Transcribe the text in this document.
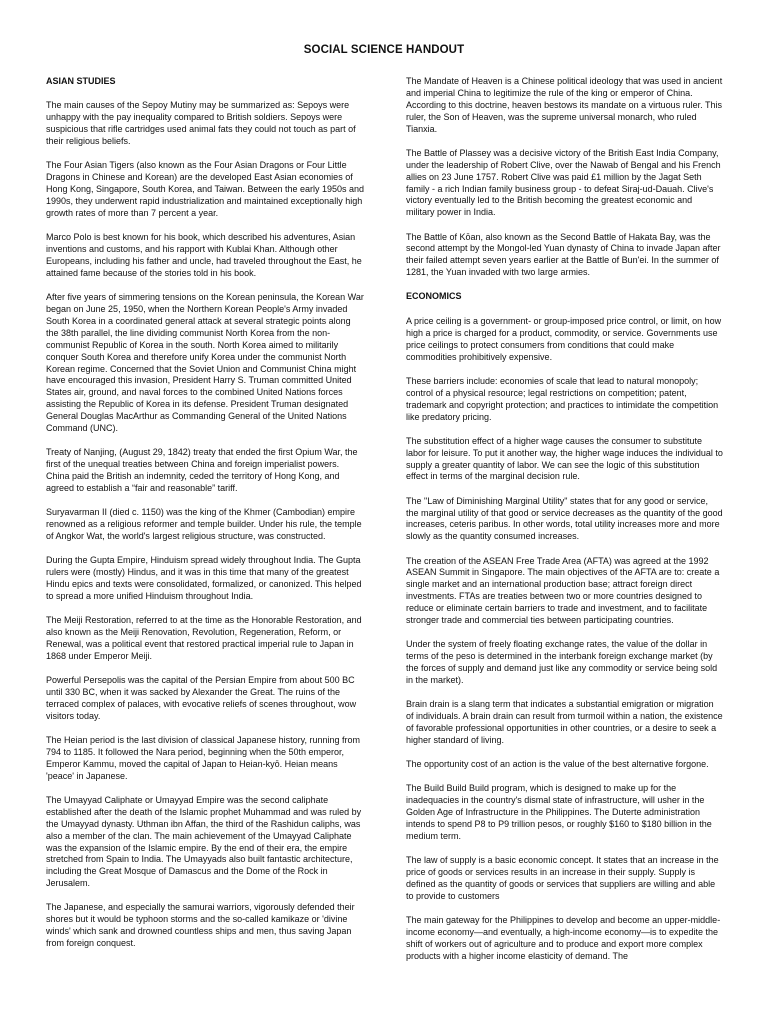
SOCIAL SCIENCE HANDOUT
ASIAN STUDIES

The main causes of the Sepoy Mutiny may be summarized as: Sepoys were unhappy with the pay inequality compared to British soldiers. Sepoys were suspicious that rifle cartridges used animal fats they could not touch as part of their religious beliefs.

The Four Asian Tigers (also known as the Four Asian Dragons or Four Little Dragons in Chinese and Korean) are the developed East Asian economies of Hong Kong, Singapore, South Korea, and Taiwan. Between the early 1950s and 1990s, they underwent rapid industrialization and maintained exceptionally high growth rates of more than 7 percent a year.

Marco Polo is best known for his book, which described his adventures, Asian inventions and customs, and his rapport with Kublai Khan. Although other Europeans, including his father and uncle, had traveled throughout the East, he attained fame because of the stories told in his book.

After five years of simmering tensions on the Korean peninsula, the Korean War began on June 25, 1950, when the Northern Korean People's Army invaded South Korea in a coordinated general attack at several strategic points along the 38th parallel, the line dividing communist North Korea from the non-communist Republic of Korea in the south. North Korea aimed to militarily conquer South Korea and therefore unify Korea under the communist North Korean regime. Concerned that the Soviet Union and Communist China might have encouraged this invasion, President Harry S. Truman committed United States air, ground, and naval forces to the combined United Nations forces assisting the Republic of Korea in its defense. President Truman designated General Douglas MacArthur as Commanding General of the United Nations Command (UNC).

Treaty of Nanjing, (August 29, 1842) treaty that ended the first Opium War, the first of the unequal treaties between China and foreign imperialist powers. China paid the British an indemnity, ceded the territory of Hong Kong, and agreed to establish a “fair and reasonable” tariff.

Suryavarman II (died c. 1150) was the king of the Khmer (Cambodian) empire renowned as a religious reformer and temple builder. Under his rule, the temple of Angkor Wat, the world's largest religious structure, was constructed.

During the Gupta Empire, Hinduism spread widely throughout India. The Gupta rulers were (mostly) Hindus, and it was in this time that many of the greatest Hindu epics and texts were consolidated, formalized, or canonized. This helped to spread a more unified Hinduism throughout India.

The Meiji Restoration, referred to at the time as the Honorable Restoration, and also known as the Meiji Renovation, Revolution, Regeneration, Reform, or Renewal, was a political event that restored practical imperial rule to Japan in 1868 under Emperor Meiji.

Powerful Persepolis was the capital of the Persian Empire from about 500 BC until 330 BC, when it was sacked by Alexander the Great. The ruins of the terraced complex of palaces, with evocative reliefs of scenes throughout, wow visitors today.

The Heian period is the last division of classical Japanese history, running from 794 to 1185. It followed the Nara period, beginning when the 50th emperor, Emperor Kammu, moved the capital of Japan to Heian-kyō. Heian means 'peace' in Japanese.

The Umayyad Caliphate or Umayyad Empire was the second caliphate established after the death of the Islamic prophet Muhammad and was ruled by the Umayyad dynasty. Uthman ibn Affan, the third of the Rashidun caliphs, was also a member of the clan. The main achievement of the Umayyad Caliphate was the expansion of the Islamic empire. By the end of their era, the empire stretched from Spain to India. The Umayyads also built fantastic architecture, including the Great Mosque of Damascus and the Dome of the Rock in Jerusalem.

The Japanese, and especially the samurai warriors, vigorously defended their shores but it would be typhoon storms and the so-called kamikaze or 'divine winds' which sank and drowned countless ships and men, thus saving Japan from foreign conquest.

The Mandate of Heaven is a Chinese political ideology that was used in ancient and imperial China to legitimize the rule of the king or emperor of China. According to this doctrine, heaven bestows its mandate on a virtuous ruler. This ruler, the Son of Heaven, was the supreme universal monarch, who ruled Tianxia.

The Battle of Plassey was a decisive victory of the British East India Company, under the leadership of Robert Clive, over the Nawab of Bengal and his French allies on 23 June 1757. Robert Clive was paid £1 million by the Jagat Seth family - a rich Indian family business group - to defeat Siraj-ud-Dauah. Clive's victory eventually led to the British becoming the greatest economic and military power in India.

The Battle of Kōan, also known as the Second Battle of Hakata Bay, was the second attempt by the Mongol-led Yuan dynasty of China to invade Japan after their failed attempt seven years earlier at the Battle of Bun'ei. In the summer of 1281, the Yuan invaded with two large armies.

ECONOMICS

A price ceiling is a government- or group-imposed price control, or limit, on how high a price is charged for a product, commodity, or service. Governments use price ceilings to protect consumers from conditions that could make commodities prohibitively expensive.

These barriers include: economies of scale that lead to natural monopoly; control of a physical resource; legal restrictions on competition; patent, trademark and copyright protection; and practices to intimidate the competition like predatory pricing.

The substitution effect of a higher wage causes the consumer to substitute labor for leisure. To put it another way, the higher wage induces the individual to supply a greater quantity of labor. We can see the logic of this substitution effect in terms of the marginal decision rule.

The "Law of Diminishing Marginal Utility" states that for any good or service, the marginal utility of that good or service decreases as the quantity of the good increases, ceteris paribus. In other words, total utility increases more and more slowly as the quantity consumed increases.

The creation of the ASEAN Free Trade Area (AFTA) was agreed at the 1992 ASEAN Summit in Singapore. The main objectives of the AFTA are to: create a single market and an international production base; attract foreign direct investments. FTAs are treaties between two or more countries designed to reduce or eliminate certain barriers to trade and investment, and to facilitate stronger trade and commercial ties between participating countries.

Under the system of freely floating exchange rates, the value of the dollar in terms of the peso is determined in the interbank foreign exchange market (by the forces of supply and demand just like any commodity or service being sold in the market).

Brain drain is a slang term that indicates a substantial emigration or migration of individuals. A brain drain can result from turmoil within a nation, the existence of favorable professional opportunities in other countries, or a desire to seek a higher standard of living.

The opportunity cost of an action is the value of the best alternative forgone.

The Build Build Build program, which is designed to make up for the inadequacies in the country's dismal state of infrastructure, will usher in the Golden Age of Infrastructure in the Philippines. The Duterte administration intends to spend P8 to P9 trillion pesos, or roughly $160 to $180 billion in the medium term.

The law of supply is a basic economic concept. It states that an increase in the price of goods or services results in an increase in their supply. Supply is defined as the quantity of goods or services that suppliers are willing and able to provide to customers

The main gateway for the Philippines to develop and become an upper-middle-income economy—and eventually, a high-income economy—is to expedite the shift of workers out of agriculture and to produce and export more complex products with a higher income elasticity of demand. The
